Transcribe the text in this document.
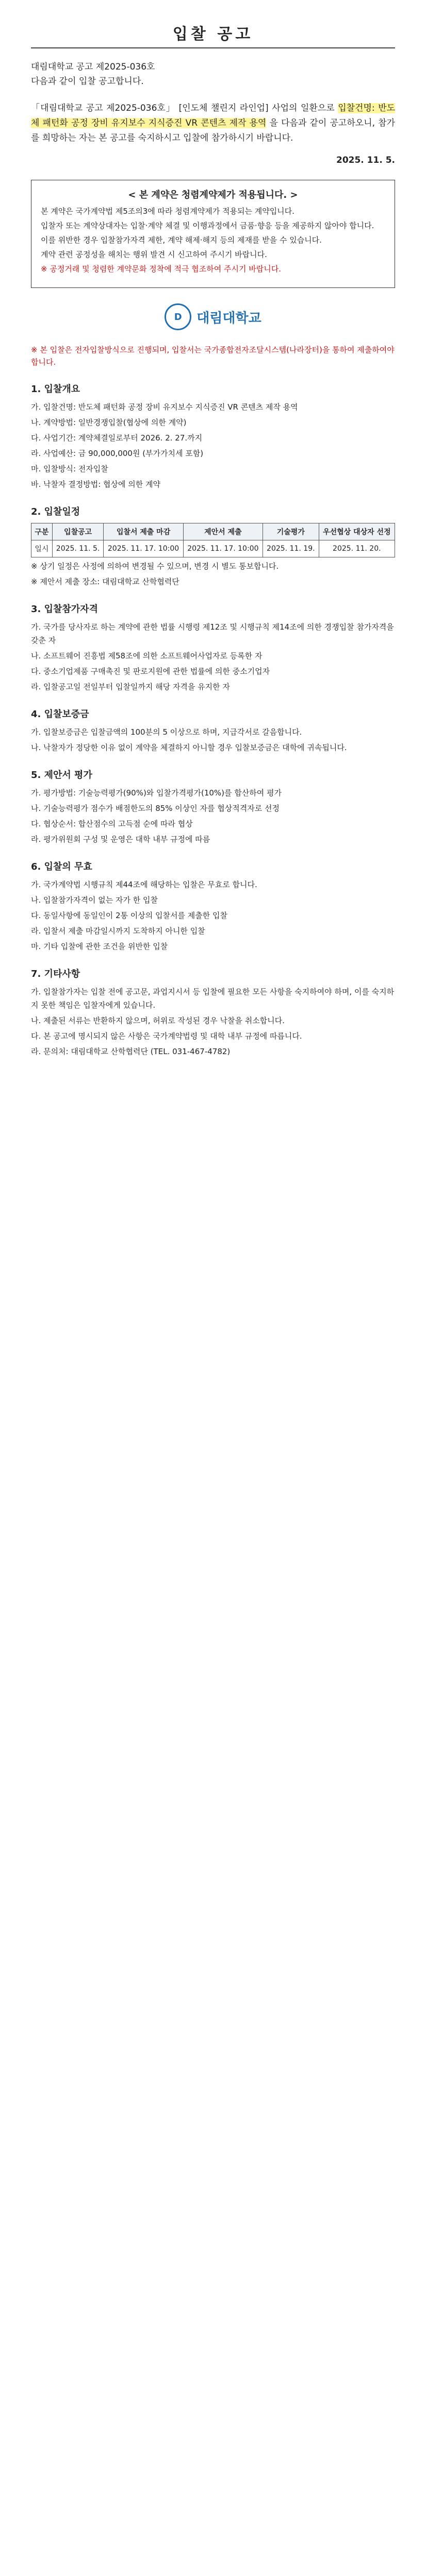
입찰 공고
대림대학교 공고 제2025-036호
다음과 같이 입찰 공고합니다.
「대림대학교 공고 제2025-036호」 [인도체 챌린지 라인업] 사업의 일환으로 입찰건명: 반도체 패턴화 공정 장비 유지보수 지식증진 VR 콘텐츠 제작 용역 을 다음과 같이 공고하오니, 참가를 희망하는 자는 본 공고를 숙지하시고 입찰에 참가하시기 바랍니다.
2025. 11. 5.
< 본 계약은 청렴계약제가 적용됩니다. >

본 계약은 국가계약법 제5조의3에 따라 청렴계약제가 적용되는 계약입니다.

입찰자 또는 계약상대자는 입찰·계약 체결 및 이행과정에서 금품·향응 등을 제공하지 않아야 합니다.

이를 위반한 경우 입찰참가자격 제한, 계약 해제·해지 등의 제재를 받을 수 있습니다.

계약 관련 공정성을 해치는 행위 발견 시 신고하여 주시기 바랍니다.

※ 공정거래 및 청렴한 계약문화 정착에 적극 협조하여 주시기 바랍니다.

D	대림대학교
※ 본 입찰은 전자입찰방식으로 진행되며, 입찰서는 국가종합전자조달시스템(나라장터)을 통하여 제출하여야 합니다.
1. 입찰개요

가. 입찰건명: 반도체 패턴화 공정 장비 유지보수 지식증진 VR 콘텐츠 제작 용역

나. 계약방법: 일반경쟁입찰(협상에 의한 계약)

다. 사업기간: 계약체결일로부터 2026. 2. 27.까지

라. 사업예산: 금 90,000,000원 (부가가치세 포함)

마. 입찰방식: 전자입찰

바. 낙찰자 결정방법: 협상에 의한 계약

2. 입찰일정
구분	입찰공고	입찰서 제출 마감	제안서 제출	기술평가	우선협상 대상자 선정
일시	2025. 11. 5.	2025. 11. 17. 10:00	2025. 11. 17. 10:00	2025. 11. 19.	2025. 11. 20.

※ 상기 일정은 사정에 의하여 변경될 수 있으며, 변경 시 별도 통보합니다.

※ 제안서 제출 장소: 대림대학교 산학협력단

3. 입찰참가자격

가. 국가를 당사자로 하는 계약에 관한 법률 시행령 제12조 및 시행규칙 제14조에 의한 경쟁입찰 참가자격을 갖춘 자

나. 소프트웨어 진흥법 제58조에 의한 소프트웨어사업자로 등록한 자

다. 중소기업제품 구매촉진 및 판로지원에 관한 법률에 의한 중소기업자

라. 입찰공고일 전일부터 입찰일까지 해당 자격을 유지한 자

4. 입찰보증금

가. 입찰보증금은 입찰금액의 100분의 5 이상으로 하며, 지급각서로 갈음합니다.

나. 낙찰자가 정당한 이유 없이 계약을 체결하지 아니할 경우 입찰보증금은 대학에 귀속됩니다.

5. 제안서 평가

가. 평가방법: 기술능력평가(90%)와 입찰가격평가(10%)를 합산하여 평가

나. 기술능력평가 점수가 배점한도의 85% 이상인 자를 협상적격자로 선정

다. 협상순서: 합산점수의 고득점 순에 따라 협상

라. 평가위원회 구성 및 운영은 대학 내부 규정에 따름

6. 입찰의 무효

가. 국가계약법 시행규칙 제44조에 해당하는 입찰은 무효로 합니다.

나. 입찰참가자격이 없는 자가 한 입찰

다. 동일사항에 동일인이 2통 이상의 입찰서를 제출한 입찰

라. 입찰서 제출 마감일시까지 도착하지 아니한 입찰

마. 기타 입찰에 관한 조건을 위반한 입찰

7. 기타사항

가. 입찰참가자는 입찰 전에 공고문, 과업지시서 등 입찰에 필요한 모든 사항을 숙지하여야 하며, 이를 숙지하지 못한 책임은 입찰자에게 있습니다.

나. 제출된 서류는 반환하지 않으며, 허위로 작성된 경우 낙찰을 취소합니다.

다. 본 공고에 명시되지 않은 사항은 국가계약법령 및 대학 내부 규정에 따릅니다.

라. 문의처: 대림대학교 산학협력단 (TEL. 031-467-4782)
